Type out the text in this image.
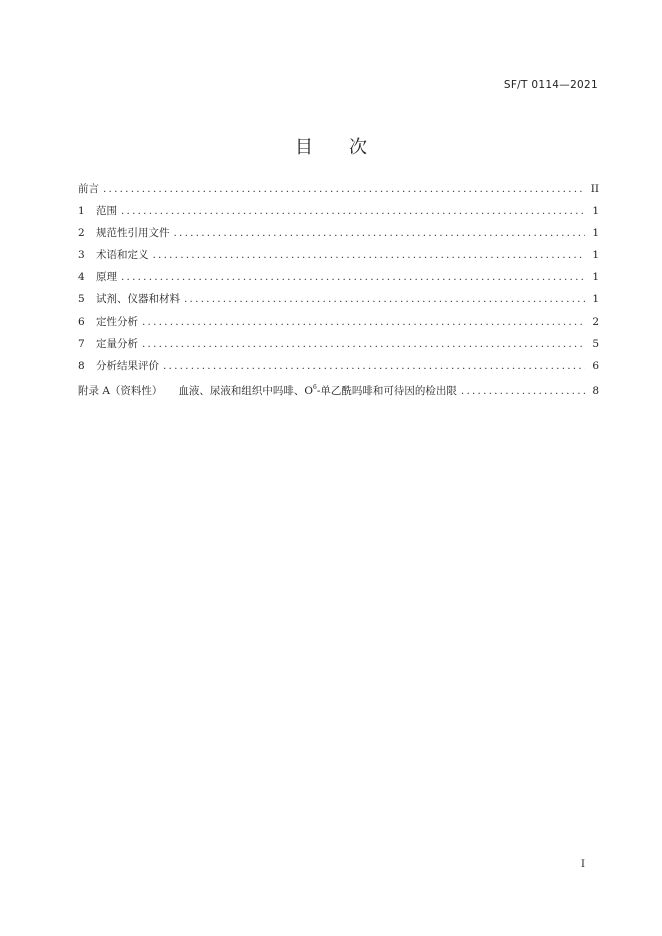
SF/T 0114—2021
目 次
前言 .....	II
1	范围 .....	1
2	规范性引用文件 .....	1
3	术语和定义 .....	1
4	原理 .....	1
5	试剂、仪器和材料 .....	1
6	定性分析 .....	2
7	定量分析 .....	5
8	分析结果评价 .....	6
附录 A（资料性） 血液、尿液和组织中吗啡、$O^6-$单乙酰吗啡和可待因的检出限 .....	8
I
